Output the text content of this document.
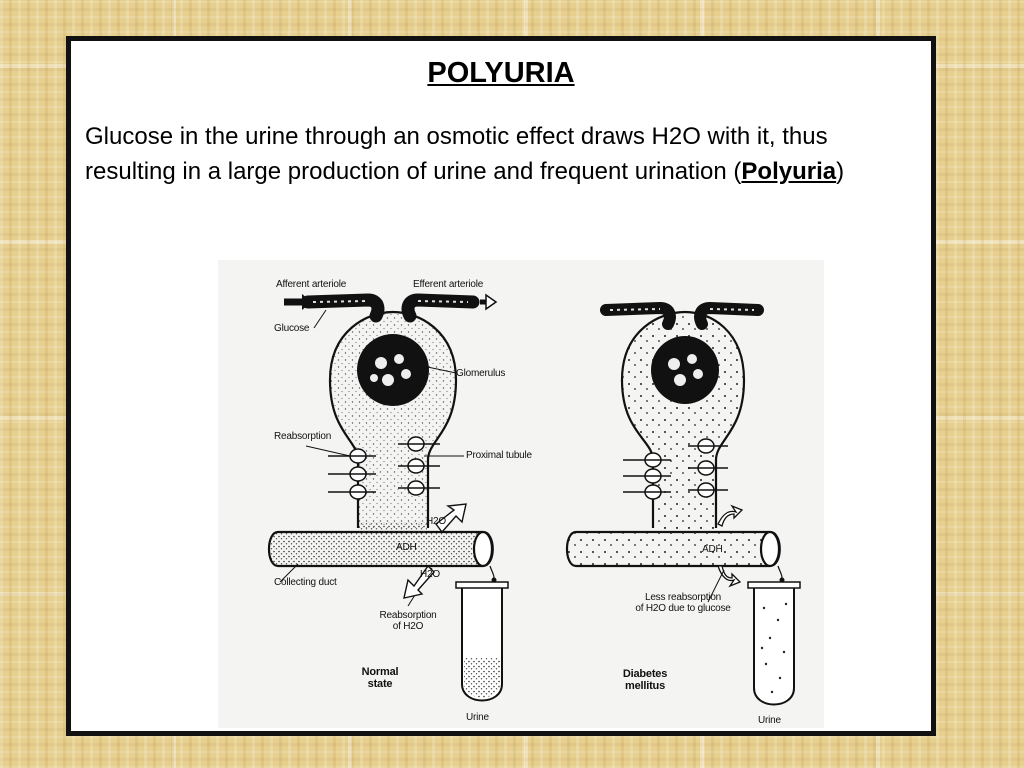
POLYURIA
Glucose in the urine through an osmotic effect draws H2O with it, thus resulting in a large production of urine and frequent urination (Polyuria)
Afferent arteriole	Efferent arteriole
Glucose
Glomerulus
Reabsorption
Proximal tubule
H2O
ADH
H2O
Collecting duct
Reabsorption
of H2O
Normal
state
Urine
ADH
Less reabsorption
of H2O due to glucose
Diabetes
mellitus
Urine
